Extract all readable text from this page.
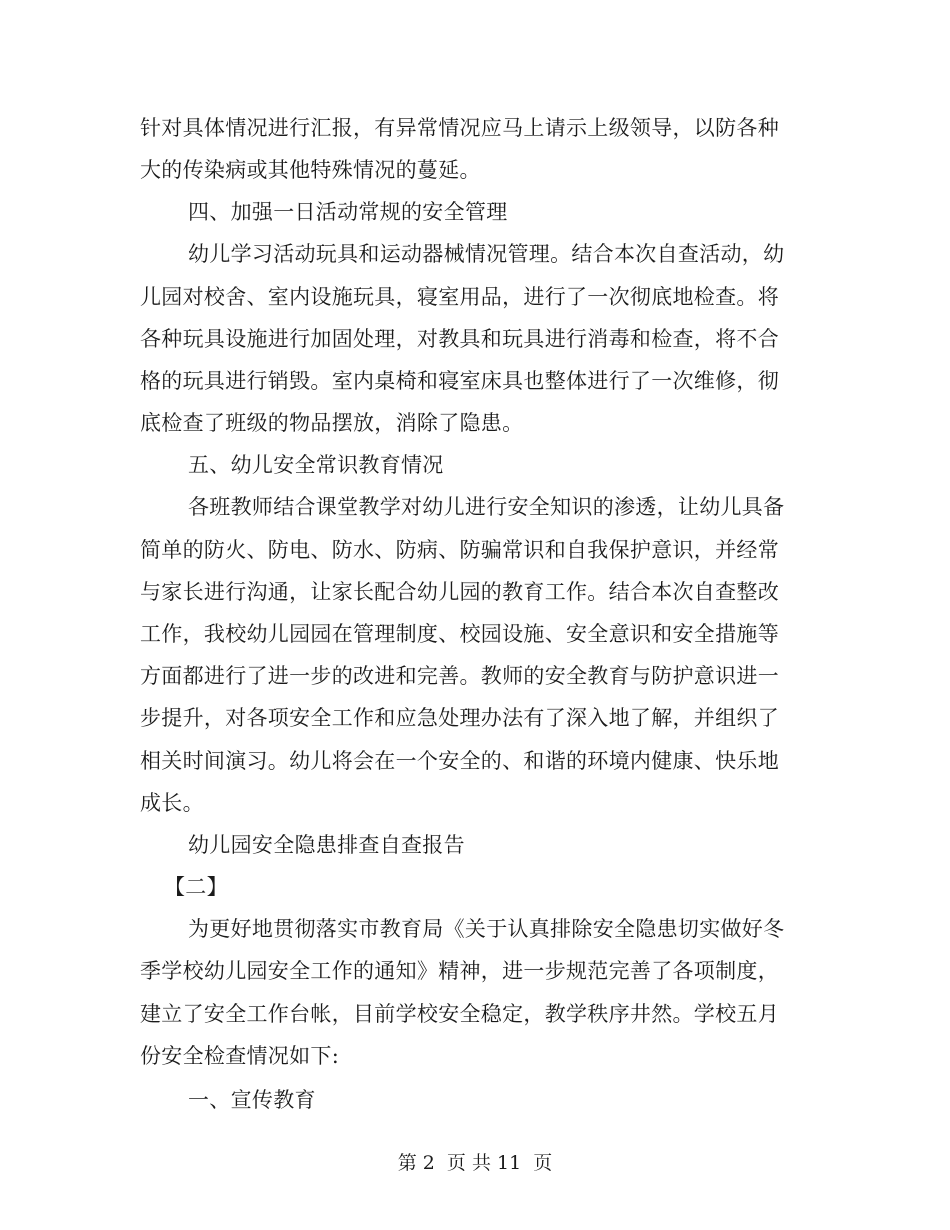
针对具体情况进行汇报，有异常情况应马上请示上级领导，以防各种
大的传染病或其他特殊情况的蔓延。
四、加强一日活动常规的安全管理
幼儿学习活动玩具和运动器械情况管理。结合本次自查活动，幼
儿园对校舍、室内设施玩具，寝室用品，进行了一次彻底地检查。将
各种玩具设施进行加固处理，对教具和玩具进行消毒和检查，将不合
格的玩具进行销毁。室内桌椅和寝室床具也整体进行了一次维修，彻
底检查了班级的物品摆放，消除了隐患。
五、幼儿安全常识教育情况
各班教师结合课堂教学对幼儿进行安全知识的渗透，让幼儿具备
简单的防火、防电、防水、防病、防骗常识和自我保护意识，并经常
与家长进行沟通，让家长配合幼儿园的教育工作。结合本次自查整改
工作，我校幼儿园园在管理制度、校园设施、安全意识和安全措施等
方面都进行了进一步的改进和完善。教师的安全教育与防护意识进一
步提升，对各项安全工作和应急处理办法有了深入地了解，并组织了
相关时间演习。幼儿将会在一个安全的、和谐的环境内健康、快乐地
成长。
幼儿园安全隐患排查自查报告
【二】
为更好地贯彻落实市教育局《关于认真排除安全隐患切实做好冬
季学校幼儿园安全工作的通知》精神，进一步规范完善了各项制度，
建立了安全工作台帐，目前学校安全稳定，教学秩序井然。学校五月
份安全检查情况如下:
一、宣传教育
第 2  页 共 11  页
